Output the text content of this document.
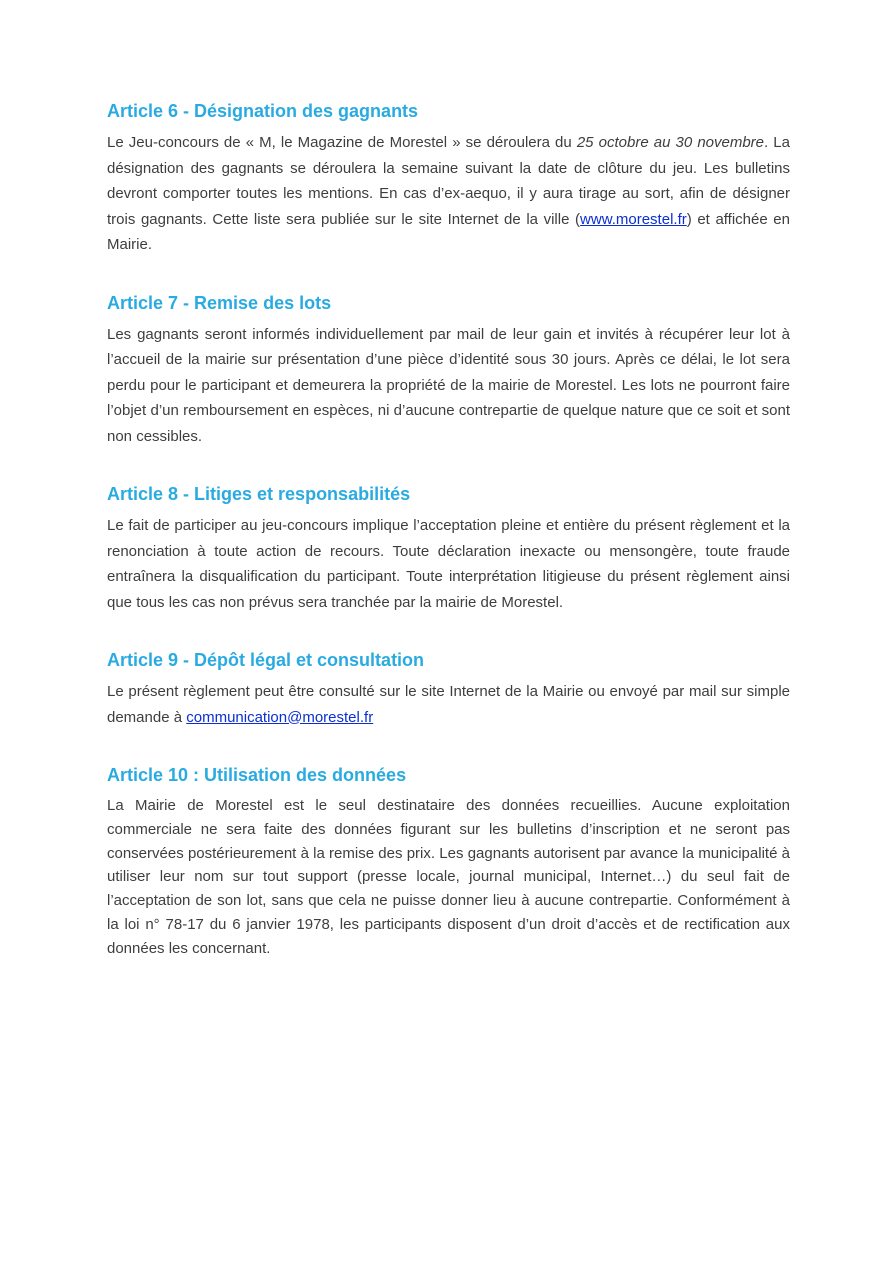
Article 6 - Désignation des gagnants

Le Jeu-concours de « M, le Magazine de Morestel » se déroulera du 25 octobre au 30 novembre. La désignation des gagnants se déroulera la semaine suivant la date de clôture du jeu. Les bulletins devront comporter toutes les mentions. En cas d’ex-aequo, il y aura tirage au sort, afin de désigner trois gagnants. Cette liste sera publiée sur le site Internet de la ville (www.morestel.fr) et affichée en Mairie.

Article 7 - Remise des lots

Les gagnants seront informés individuellement par mail de leur gain et invités à récupérer leur lot à l’accueil de la mairie sur présentation d’une pièce d’identité sous 30 jours. Après ce délai, le lot sera perdu pour le participant et demeurera la propriété de la mairie de Morestel. Les lots ne pourront faire l’objet d’un remboursement en espèces, ni d’aucune contrepartie de quelque nature que ce soit et sont non cessibles.

Article 8 - Litiges et responsabilités

Le fait de participer au jeu-concours implique l’acceptation pleine et entière du présent règlement et la renonciation à toute action de recours. Toute déclaration inexacte ou mensongère, toute fraude entraînera la disqualification du participant. Toute interprétation litigieuse du présent règlement ainsi que tous les cas non prévus sera tranchée par la mairie de Morestel.

Article 9 - Dépôt légal et consultation

Le présent règlement peut être consulté sur le site Internet de la Mairie ou envoyé par mail sur simple demande à communication@morestel.fr

Article 10 : Utilisation des données

La Mairie de Morestel est le seul destinataire des données recueillies. Aucune exploitation commerciale ne sera faite des données figurant sur les bulletins d’inscription et ne seront pas conservées postérieurement à la remise des prix. Les gagnants autorisent par avance la municipalité à utiliser leur nom sur tout support (presse locale, journal municipal, Internet…) du seul fait de l’acceptation de son lot, sans que cela ne puisse donner lieu à aucune contrepartie. Conformément à la loi n° 78-17 du 6 janvier 1978, les participants disposent d’un droit d’accès et de rectification aux données les concernant.
